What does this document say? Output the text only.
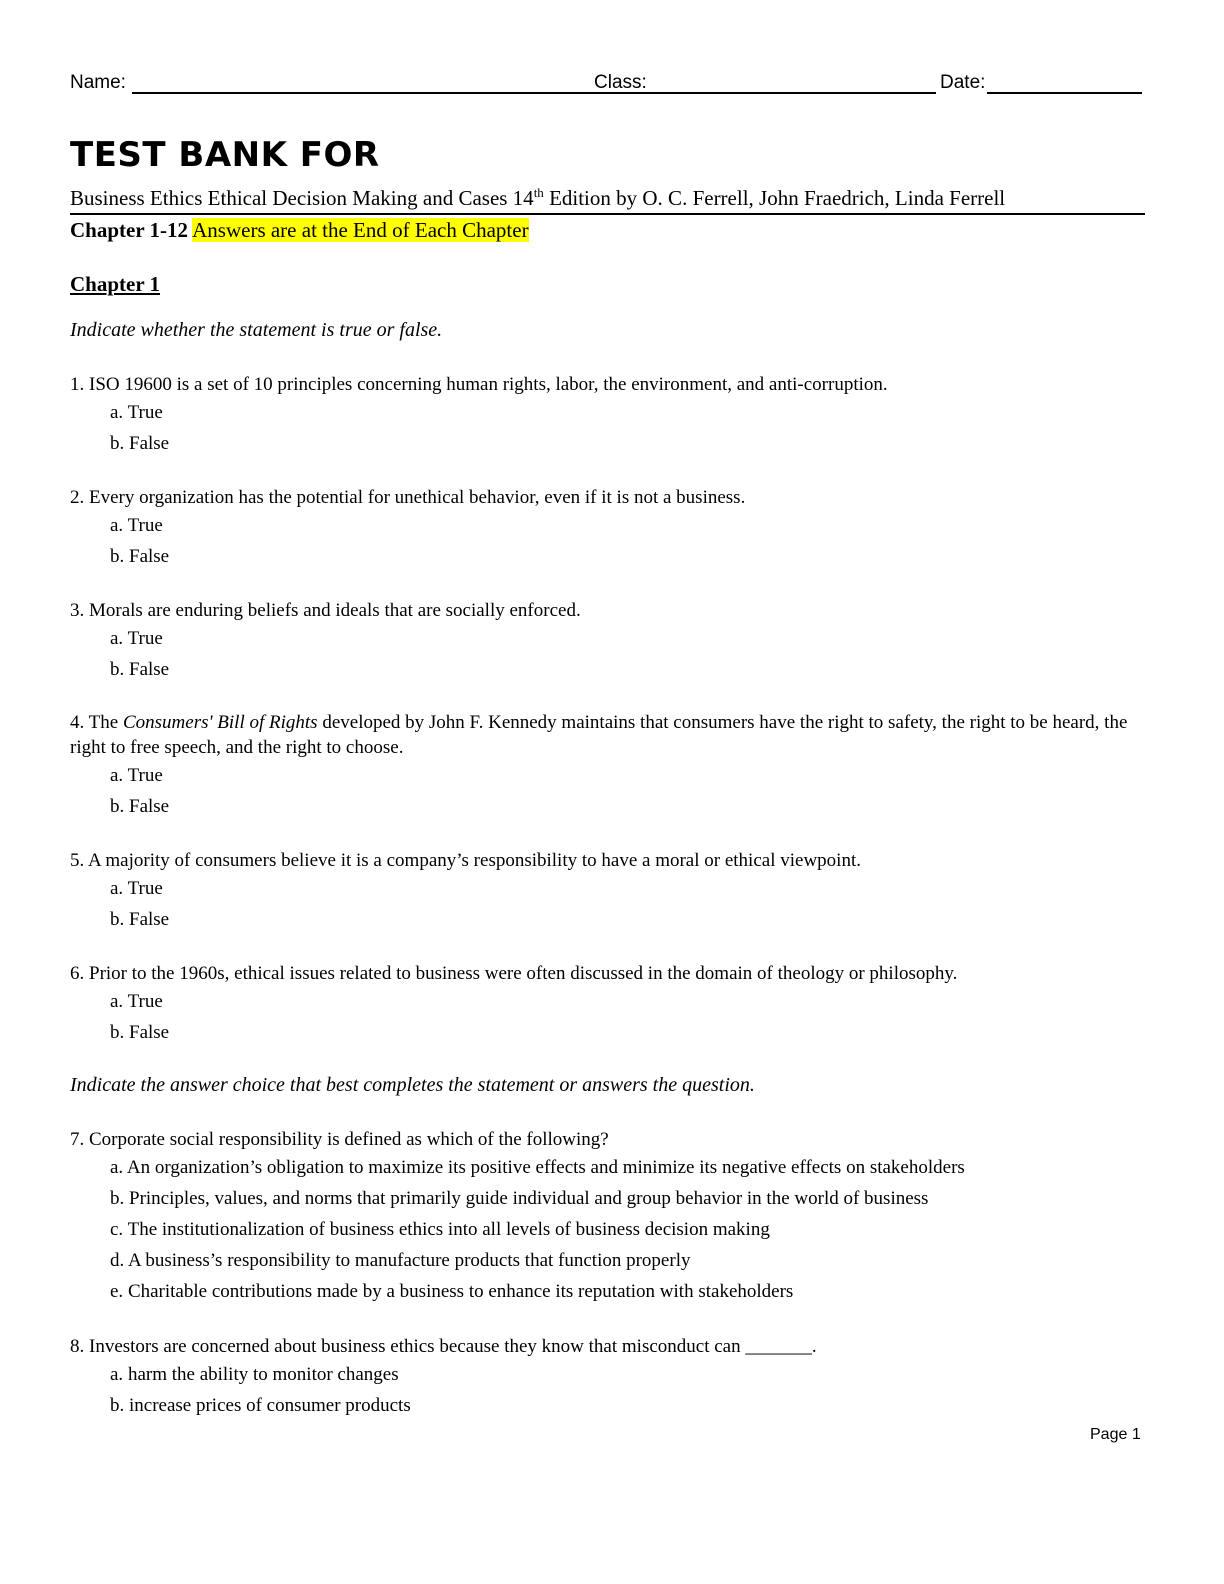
Name:	Class:	Date:
TEST BANK FOR
Business Ethics Ethical Decision Making and Cases 14th Edition by O. C. Ferrell, John Fraedrich, Linda Ferrell
Chapter 1-12 Answers are at the End of Each Chapter
Chapter 1
Indicate whether the statement is true or false.

1. ISO 19600 is a set of 10 principles concerning human rights, labor, the environment, and anti-corruption.

a. True

b. False

2. Every organization has the potential for unethical behavior, even if it is not a business.

a. True

b. False

3. Morals are enduring beliefs and ideals that are socially enforced.

a. True

b. False

4. The Consumers' Bill of Rights developed by John F. Kennedy maintains that consumers have the right to safety, the right to be heard, the right to free speech, and the right to choose.

a. True

b. False

5. A majority of consumers believe it is a company’s responsibility to have a moral or ethical viewpoint.

a. True

b. False

6. Prior to the 1960s, ethical issues related to business were often discussed in the domain of theology or philosophy.

a. True

b. False

Indicate the answer choice that best completes the statement or answers the question.

7. Corporate social responsibility is defined as which of the following?

a. An organization’s obligation to maximize its positive effects and minimize its negative effects on stakeholders

b. Principles, values, and norms that primarily guide individual and group behavior in the world of business

c. The institutionalization of business ethics into all levels of business decision making

d. A business’s responsibility to manufacture products that function properly

e. Charitable contributions made by a business to enhance its reputation with stakeholders

8. Investors are concerned about business ethics because they know that misconduct can _______.

a. harm the ability to monitor changes

b. increase prices of consumer products

Page 1
